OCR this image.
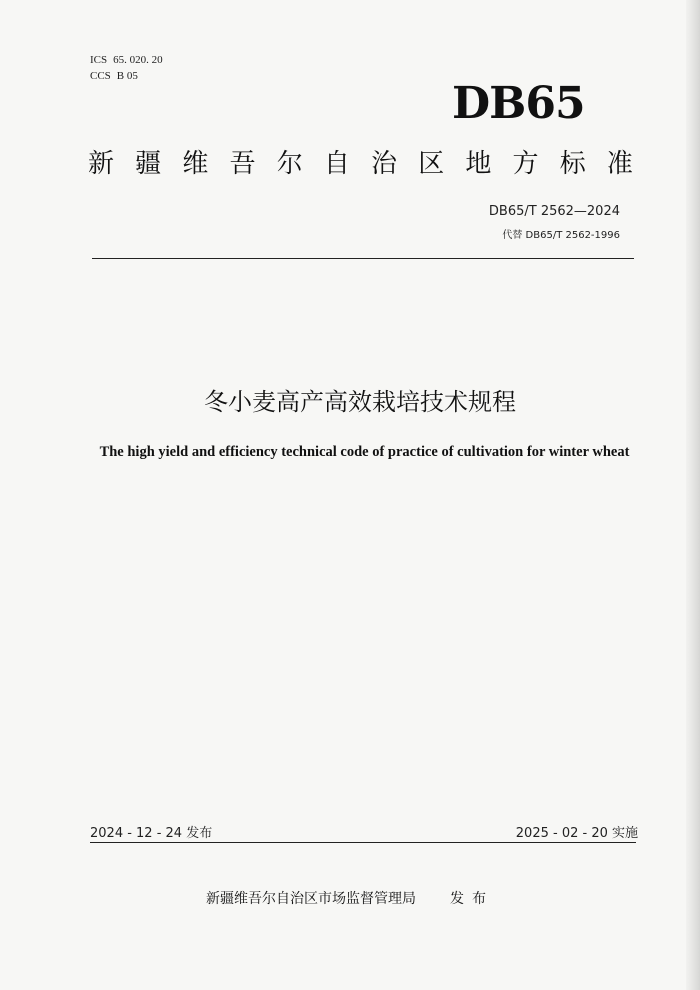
ICS 65. 020. 20
CCS B 05
DB65
新 疆 维 吾 尔 自 治 区 地 方 标 准
DB65/T 2562—2024
代替 DB65/T 2562-1996
冬小麦高产高效栽培技术规程
The high yield and efficiency technical code of practice of cultivation for winter wheat
2024 - 12 - 24 发布	2025 - 02 - 20 实施
新疆维吾尔自治区市场监督管理局 发布
